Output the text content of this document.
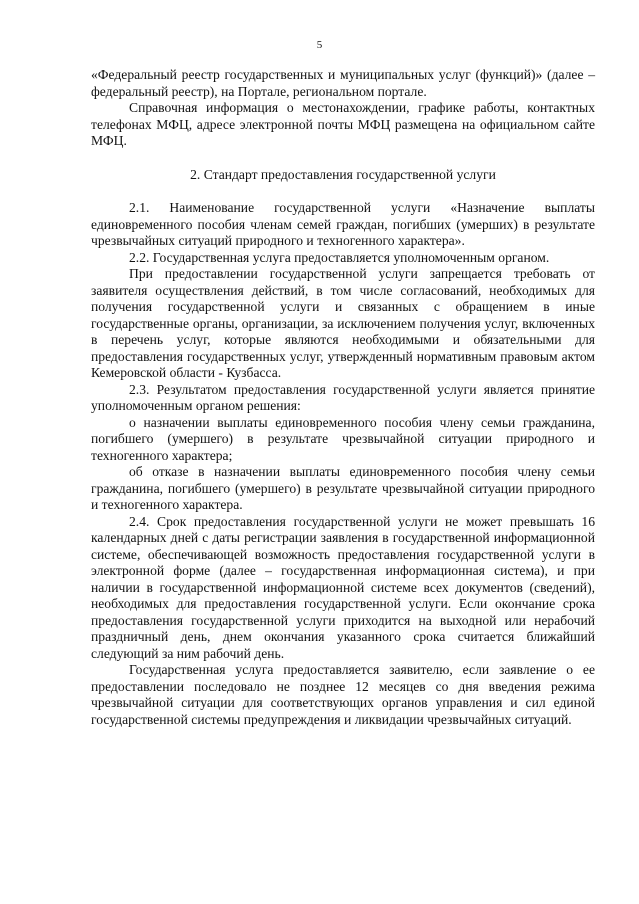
5

«Федеральный реестр государственных и муниципальных услуг (функций)» (далее – федеральный реестр), на Портале, региональном портале.

Справочная информация о местонахождении, графике работы, контактных телефонах МФЦ, адресе электронной почты МФЦ размещена на официальном сайте МФЦ.

2. Стандарт предоставления государственной услуги

2.1. Наименование государственной услуги «Назначение выплаты единовременного пособия членам семей граждан, погибших (умерших) в результате чрезвычайных ситуаций природного и техногенного характера».

2.2. Государственная услуга предоставляется уполномоченным органом.

При предоставлении государственной услуги запрещается требовать от заявителя осуществления действий, в том числе согласований, необходимых для получения государственной услуги и связанных с обращением в иные государственные органы, организации, за исключением получения услуг, включенных в перечень услуг, которые являются необходимыми и обязательными для предоставления государственных услуг, утвержденный нормативным правовым актом Кемеровской области - Кузбасса.

2.3. Результатом предоставления государственной услуги является принятие уполномоченным органом решения:

о назначении выплаты единовременного пособия члену семьи гражданина, погибшего (умершего) в результате чрезвычайной ситуации природного и техногенного характера;

об отказе в назначении выплаты единовременного пособия члену семьи гражданина, погибшего (умершего) в результате чрезвычайной ситуации природного и техногенного характера.

2.4. Срок предоставления государственной услуги не может превышать 16 календарных дней с даты регистрации заявления в государственной информационной системе, обеспечивающей возможность предоставления государственной услуги в электронной форме (далее – государственная информационная система), и при наличии в государственной информационной системе всех документов (сведений), необходимых для предоставления государственной услуги. Если окончание срока предоставления государственной услуги приходится на выходной или нерабочий праздничный день, днем окончания указанного срока считается ближайший следующий за ним рабочий день.

Государственная услуга предоставляется заявителю, если заявление о ее предоставлении последовало не позднее 12 месяцев со дня введения режима чрезвычайной ситуации для соответствующих органов управления и сил единой государственной системы предупреждения и ликвидации чрезвычайных ситуаций.
